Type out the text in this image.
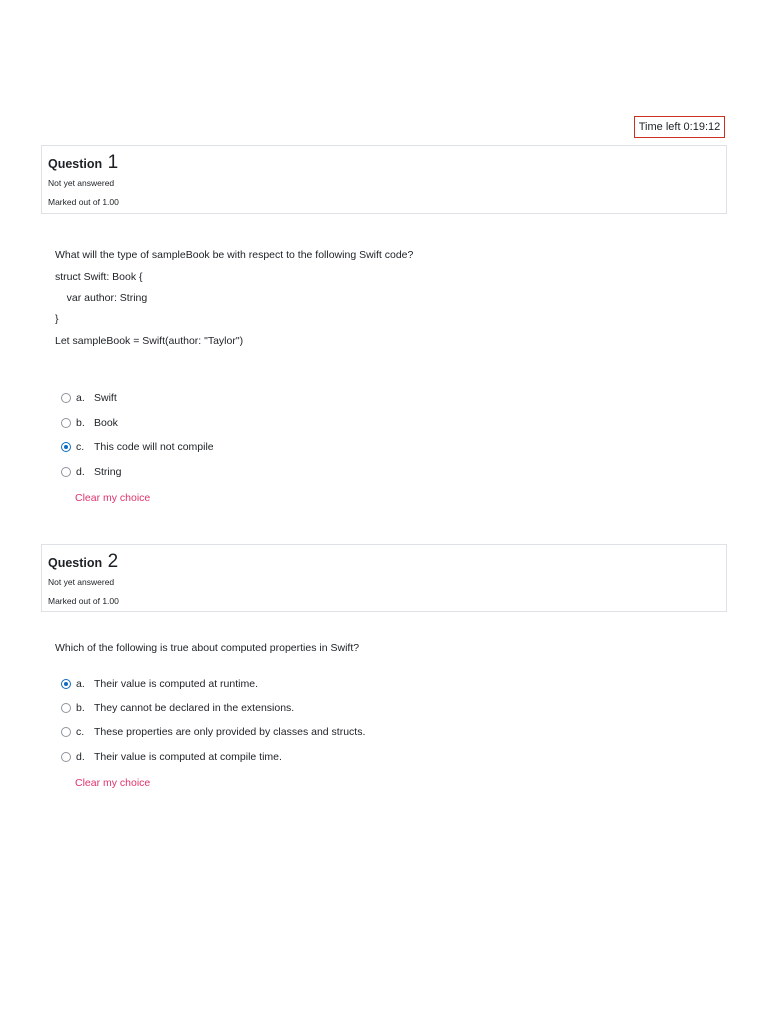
Time left 0:19:12
Question 1
Not yet answered
Marked out of 1.00
What will the type of sampleBook be with respect to the following Swift code?
struct Swift: Book {
var author: String
}
Let sampleBook = Swift(author: "Taylor")
a. Swift
b. Book
c. This code will not compile
d. String
Clear my choice
Question 2
Not yet answered
Marked out of 1.00
Which of the following is true about computed properties in Swift?
a. Their value is computed at runtime.
b. They cannot be declared in the extensions.
c. These properties are only provided by classes and structs.
d. Their value is computed at compile time.
Clear my choice
